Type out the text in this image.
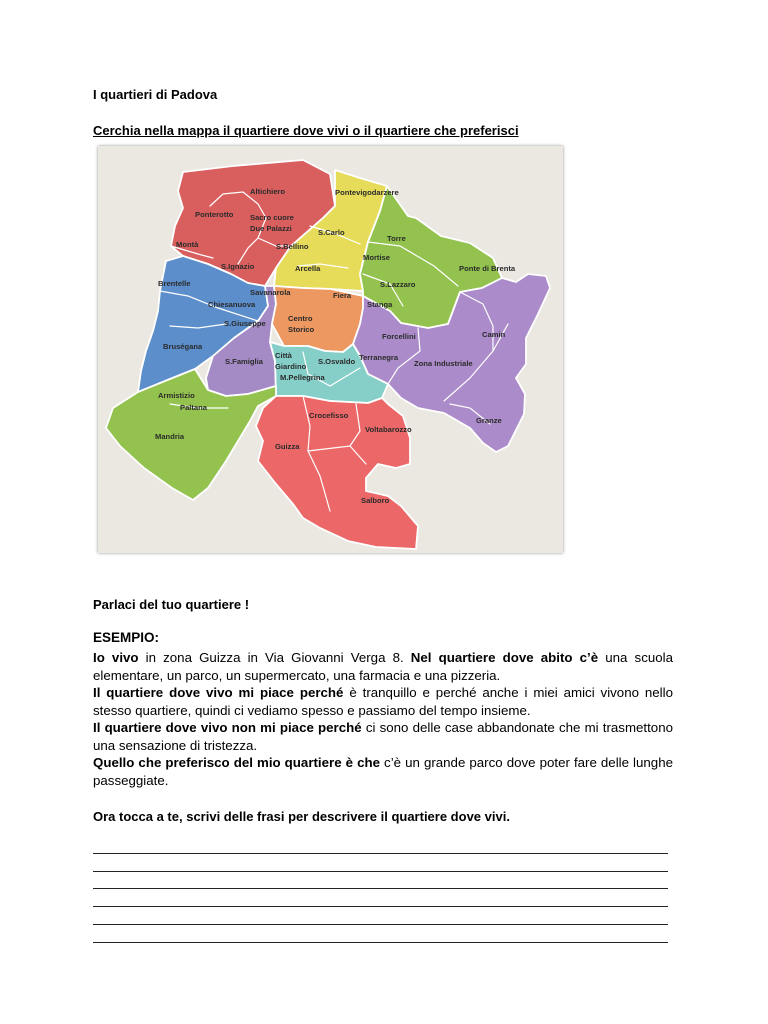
I quartieri di Padova
Cerchia nella mappa il quartiere dove vivi o il quartiere che preferisci
Altichiero	Pontevigodarzere
Ponterotto Sacro cuore
Due Palazzi	S.Carlo
Torre
S.Bellino
Montà
Mortise
Ponte di Brenta
Arcella
S.Ignazio
Brentelle	S.Lazzaro
Savanarola	Fiera
Chiesanuova	Stanga
S.Giuseppe
Centro
Storico
Forcellini	Camin
Bruségana
Città
Giardino
Terranegra
S.Famiglia	S.Osvaldo	Zona Industriale
M.Pellegrina
Armistizio
Paltana
Crocefisso
Voltabarozzo
Granze
Mandria
Guizza
Salboro
Parlaci del tuo quartiere !
ESEMPIO:
Io vivo in zona Guizza in Via Giovanni Verga 8. Nel quartiere dove abito c’è una scuola elementare, un parco, un supermercato, una farmacia e una pizzeria.
Il quartiere dove vivo mi piace perché è tranquillo e perché anche i miei amici vivono nello stesso quartiere, quindi ci vediamo spesso e passiamo del tempo insieme.
Il quartiere dove vivo non mi piace perché ci sono delle case abbandonate che mi trasmettono una sensazione di tristezza.
Quello che preferisco del mio quartiere è che c’è un grande parco dove poter fare delle lunghe passeggiate.
Ora tocca a te, scrivi delle frasi per descrivere il quartiere dove vivi.
